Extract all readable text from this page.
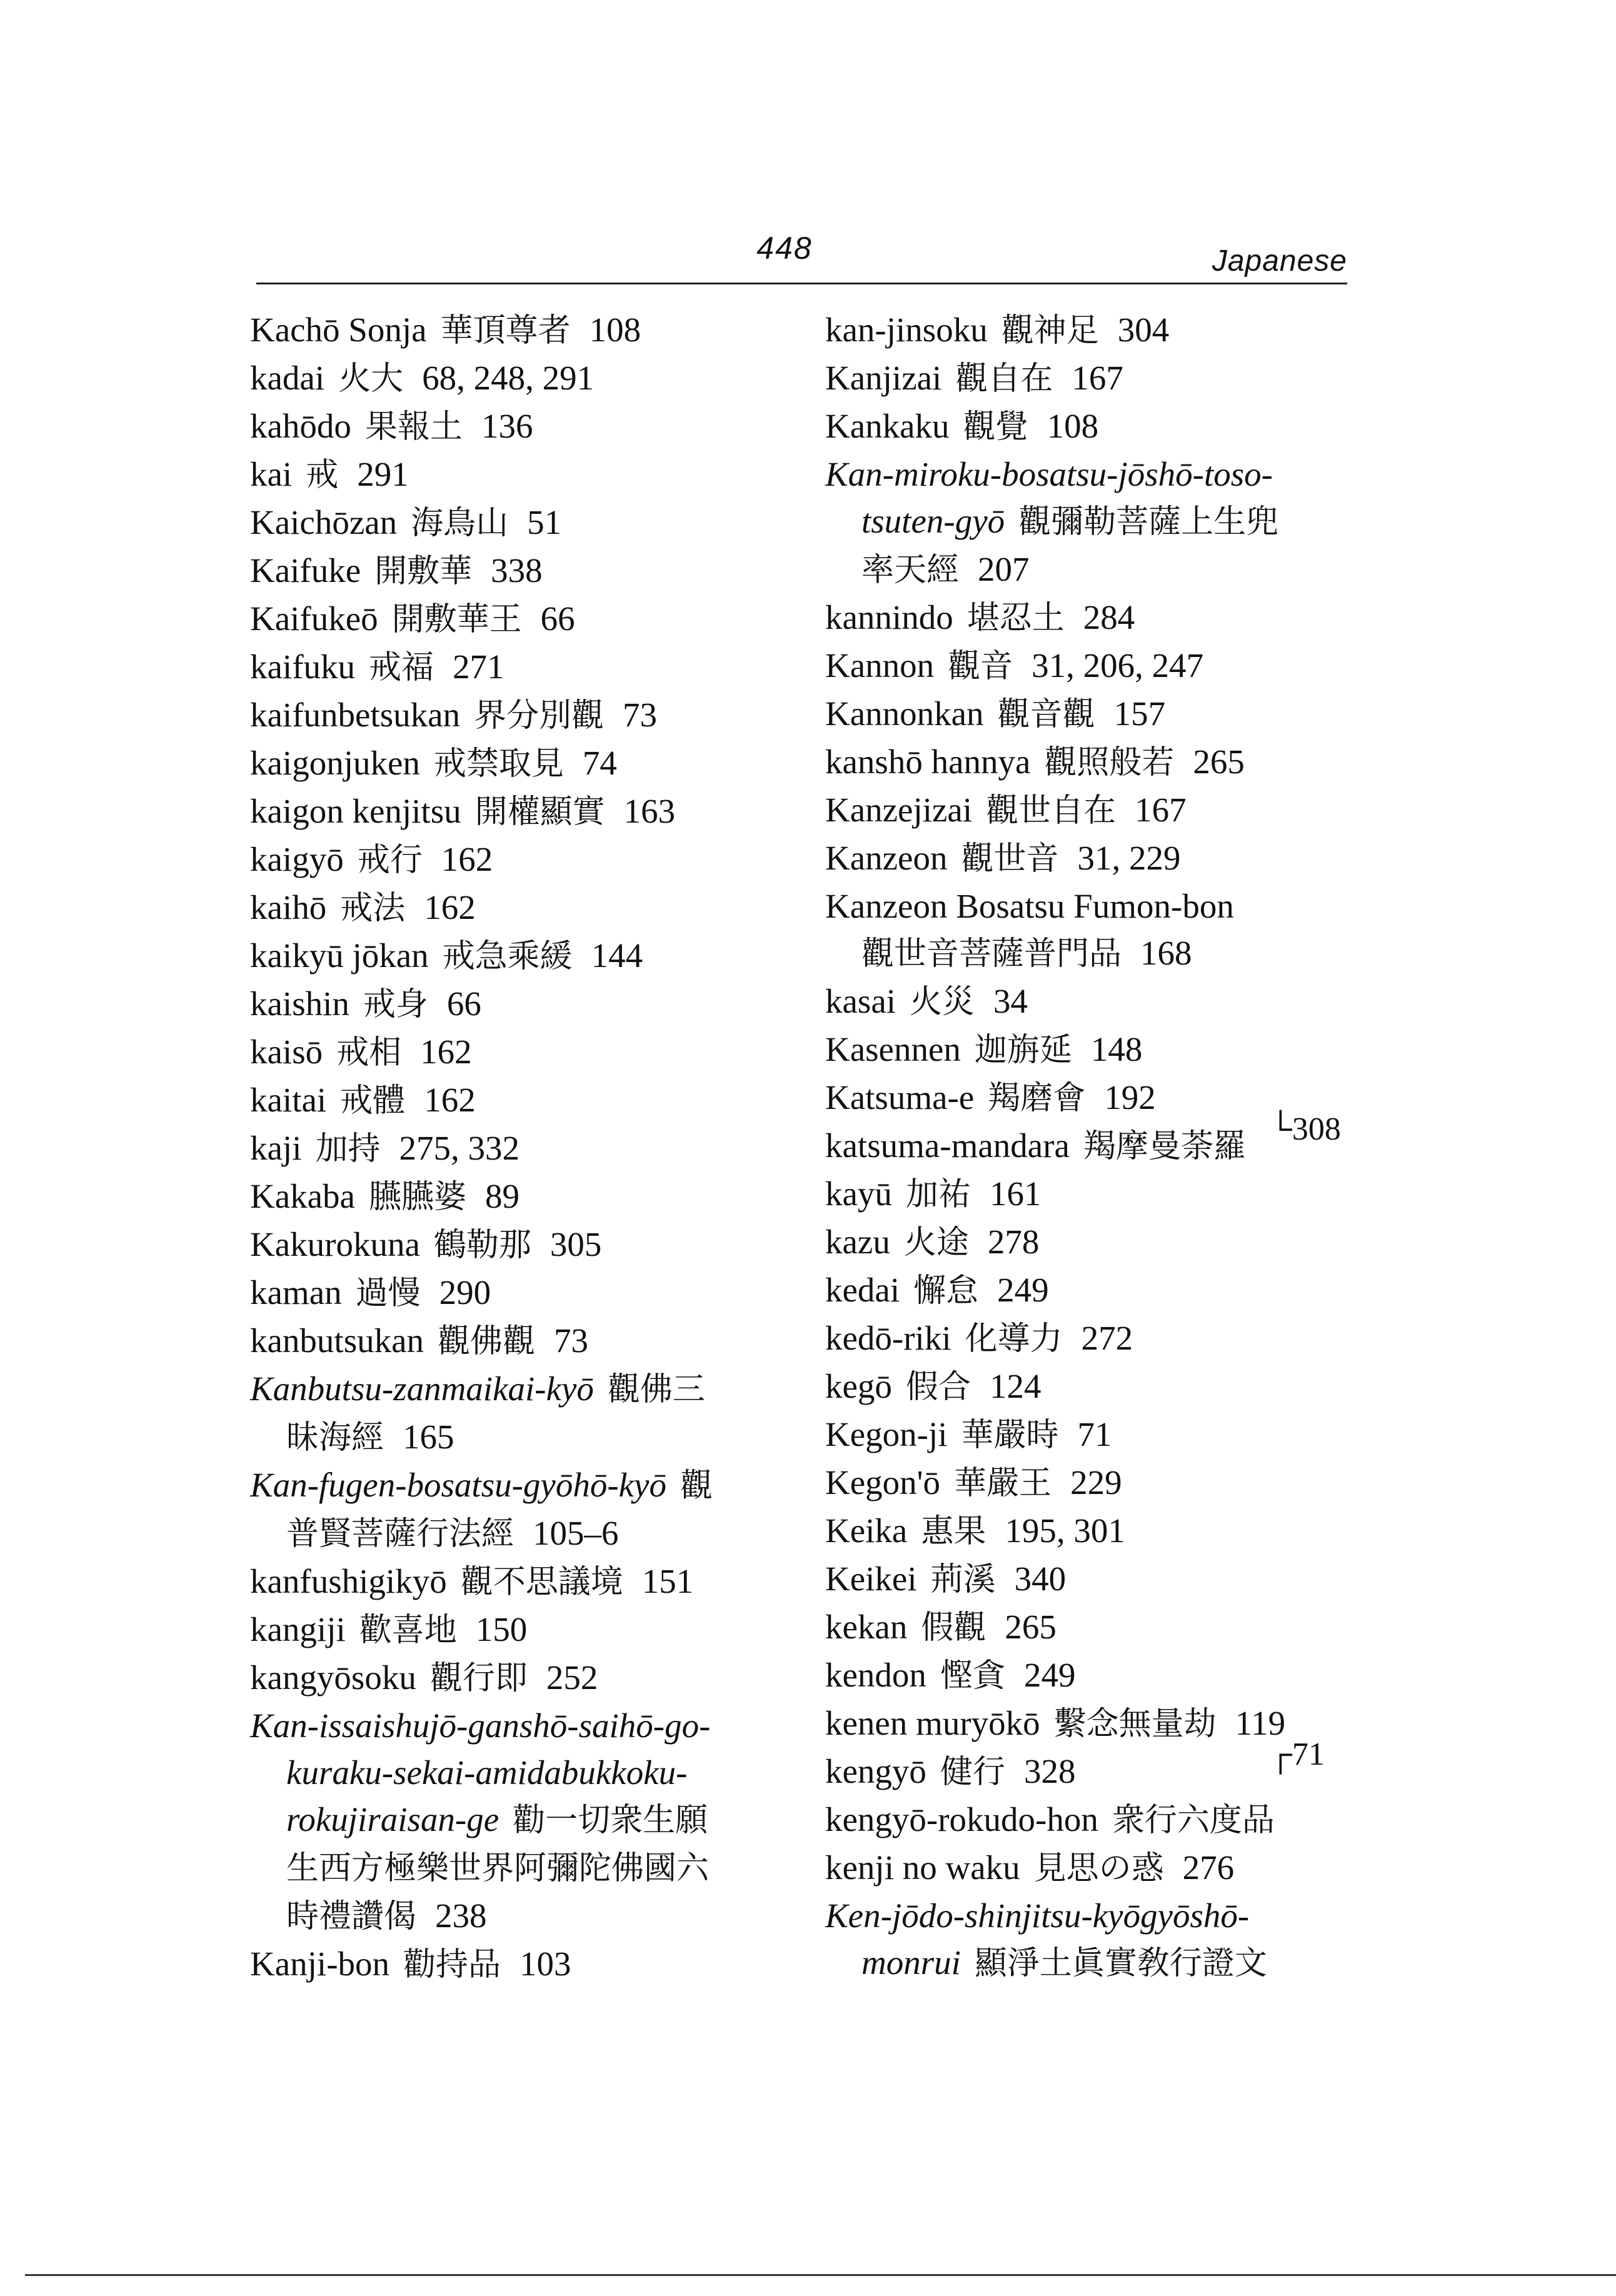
448	Japanese
Kachō Sonja 華頂尊者 108
kadai 火大 68, 248, 291
kahōdo 果報土 136
kai 戒 291
Kaichōzan 海鳥山 51
Kaifuke 開敷華 338
Kaifukeō 開敷華王 66
kaifuku 戒福 271
kaifunbetsukan 界分別觀 73
kaigonjuken 戒禁取見 74
kaigon kenjitsu 開權顯實 163
kaigyō 戒行 162
kaihō 戒法 162
kaikyū jōkan 戒急乘緩 144
kaishin 戒身 66
kaisō 戒相 162
kaitai 戒體 162
kaji 加持 275, 332
Kakaba 臙臙婆 89
Kakurokuna 鶴勒那 305
kaman 過慢 290
kanbutsukan 觀佛觀 73
Kanbutsu-zanmaikai-kyō 觀佛三
昧海經 165
Kan-fugen-bosatsu-gyōhō-kyō 觀
普賢菩薩行法經 105–6
kanfushigikyō 觀不思議境 151
kangiji 歡喜地 150
kangyōsoku 觀行即 252
Kan-issaishujō-ganshō-saihō-go-
kuraku-sekai-amidabukkoku-
rokujiraisan-ge 勸一切衆生願
生西方極樂世界阿彌陀佛國六
時禮讚偈 238
Kanji-bon 勸持品 103
kan-jinsoku 觀神足 304
Kanjizai 觀自在 167
Kankaku 觀覺 108
Kan-miroku-bosatsu-jōshō-toso-
tsuten-gyō 觀彌勒菩薩上生兜
率天經 207
kannindo 堪忍土 284
Kannon 觀音 31, 206, 247
Kannonkan 觀音觀 157
kanshō hannya 觀照般若 265
Kanzejizai 觀世自在 167
Kanzeon 觀世音 31, 229
Kanzeon Bosatsu Fumon-bon
觀世音菩薩普門品 168
kasai 火災 34
Kasennen 迦旃延 148
Katsuma-e 羯磨會 192
katsuma-mandara 羯摩曼荼羅
kayū 加祐 161
kazu 火途 278
kedai 懈怠 249
kedō-riki 化導力 272
kegō 假合 124
Kegon-ji 華嚴時 71
Kegon'ō 華嚴王 229
Keika 惠果 195, 301
Keikei 荊溪 340
kekan 假觀 265
kendon 慳貪 249
kenen muryōkō 繫念無量劫 119
kengyō 健行 328
kengyō-rokudo-hon 衆行六度品
kenji no waku 見思の惑 276
Ken-jōdo-shinjitsu-kyōgyōshō-
monrui 顯淨土眞實敎行證文
└308
┌71
